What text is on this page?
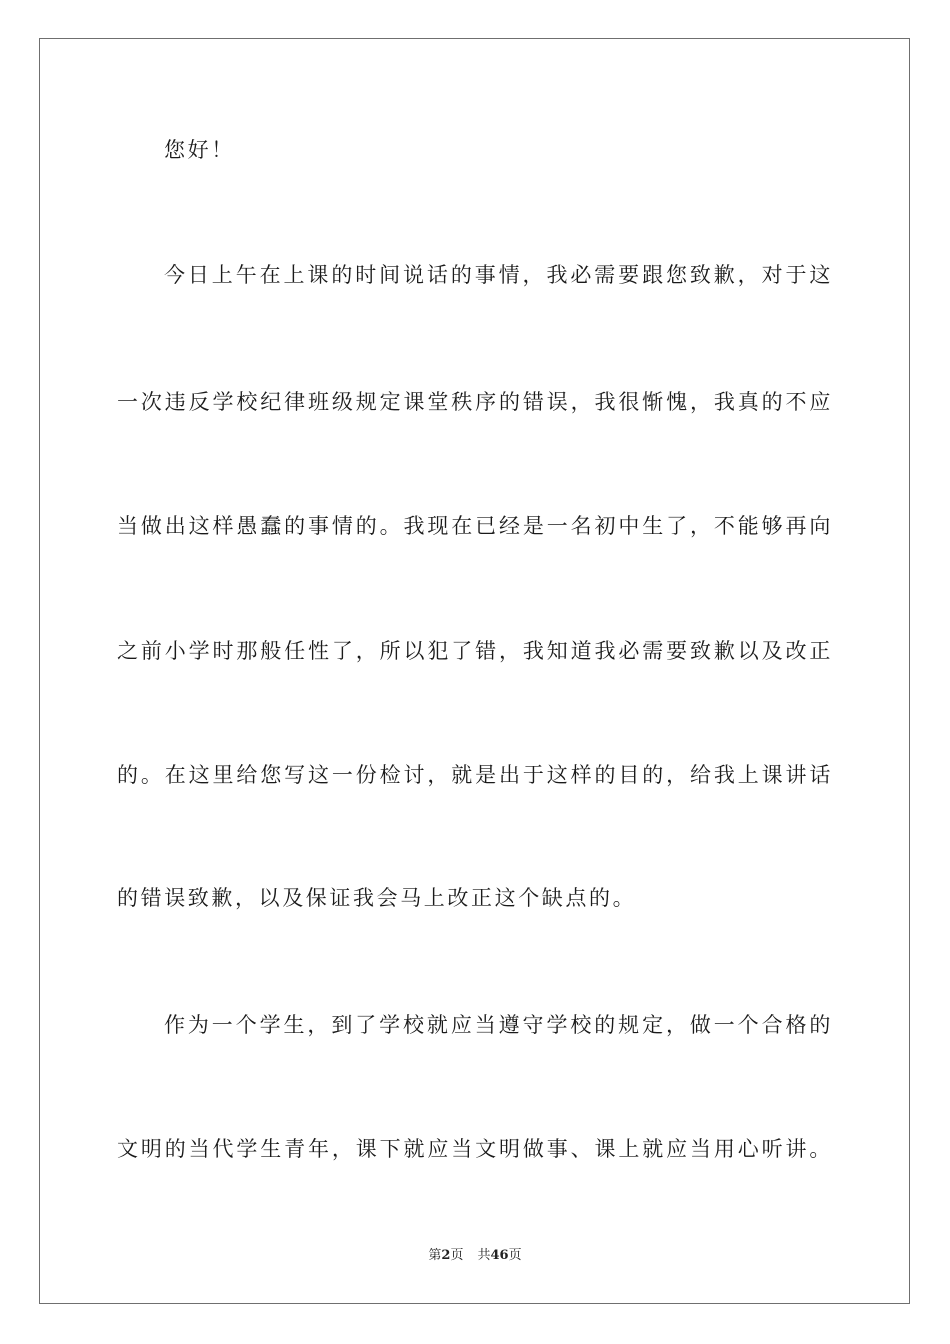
您好！
今日上午在上课的时间说话的事情，我必需要跟您致歉，对于这
一次违反学校纪律班级规定课堂秩序的错误，我很惭愧，我真的不应
当做出这样愚蠢的事情的。我现在已经是一名初中生了，不能够再向
之前小学时那般任性了，所以犯了错，我知道我必需要致歉以及改正
的。在这里给您写这一份检讨，就是出于这样的目的，给我上课讲话
的错误致歉，以及保证我会马上改正这个缺点的。
作为一个学生，到了学校就应当遵守学校的规定，做一个合格的
文明的当代学生青年，课下就应当文明做事、课上就应当用心听讲。
第2页 共46页
